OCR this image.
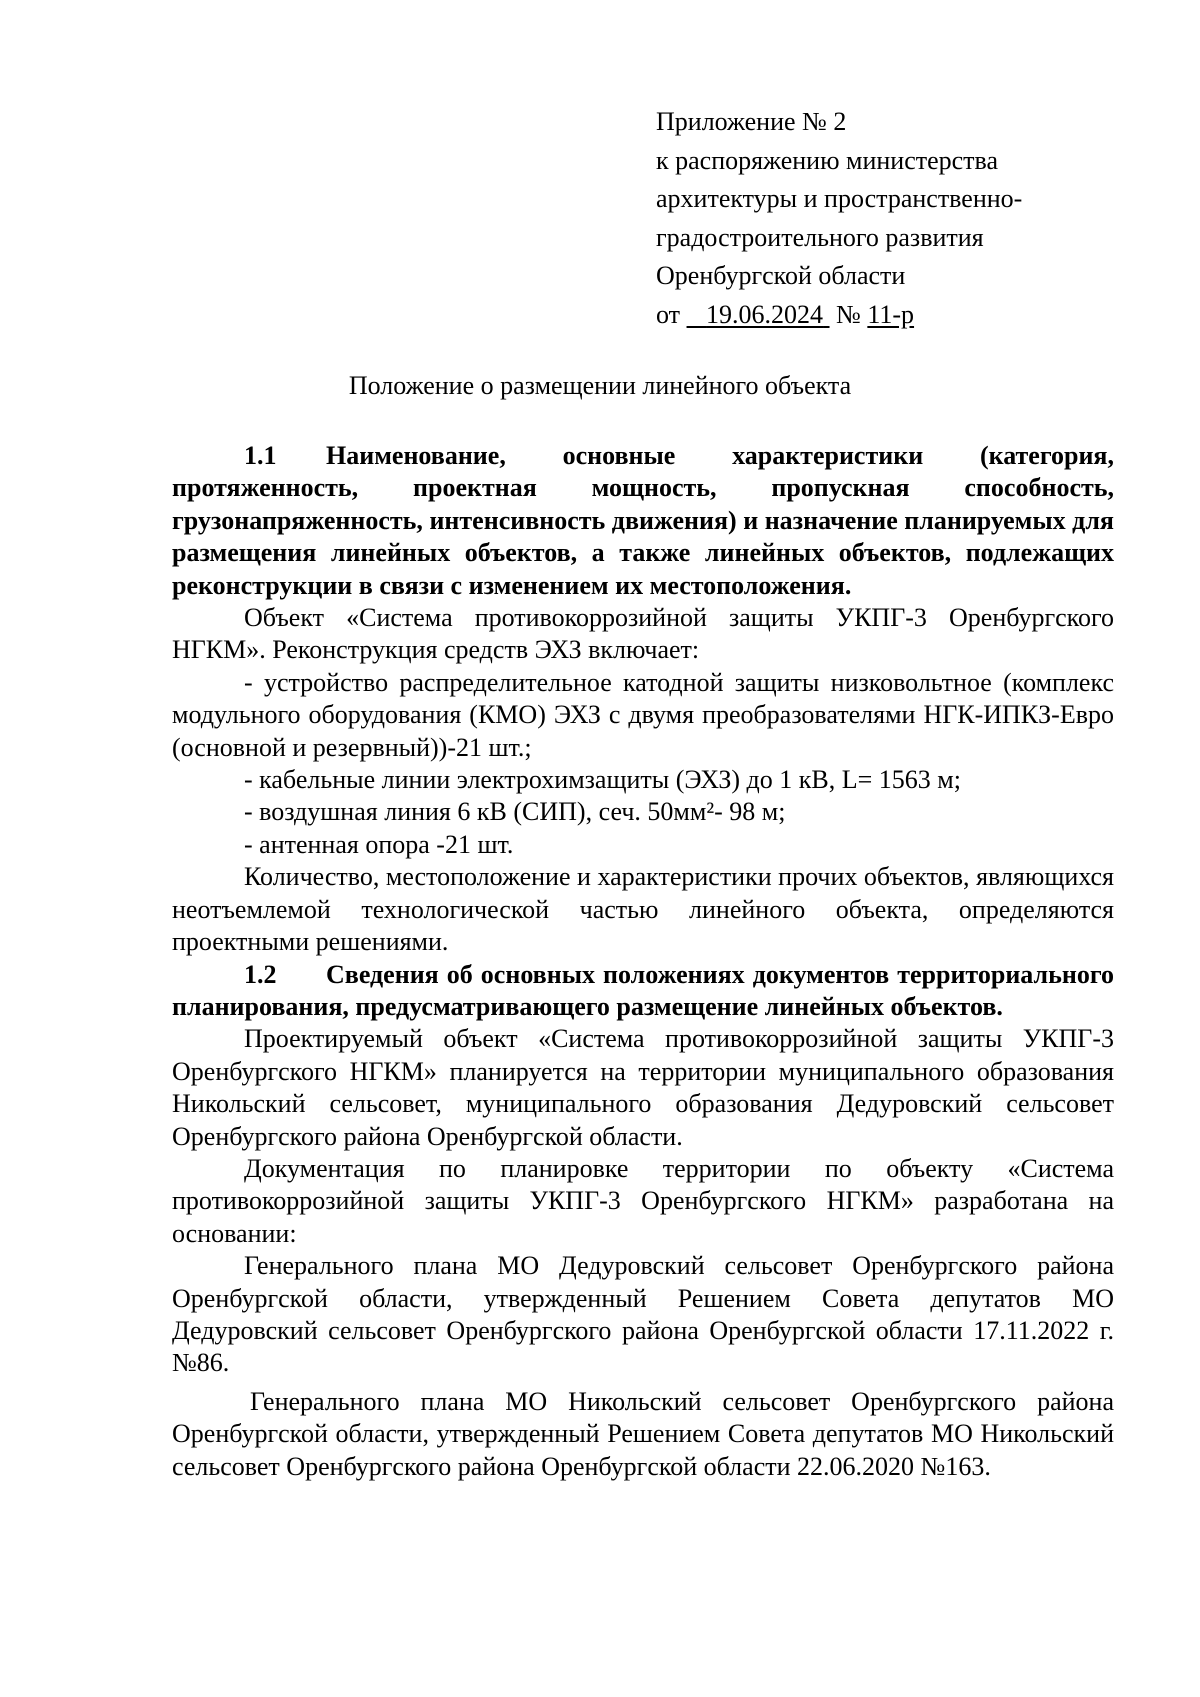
Приложение № 2
к распоряжению министерства
архитектуры и пространственно-
градостроительного развития
Оренбургской области
от 19.06.2024 № 11-р
Положение о размещении линейного объекта

1.1 Наименование, основные характеристики (категория, протяженность, проектная мощность, пропускная способность, грузонапряженность, интенсивность движения) и назначение планируемых для размещения линейных объектов, а также линейных объектов, подлежащих реконструкции в связи с изменением их местоположения.

Объект «Система противокоррозийной защиты УКПГ-3 Оренбургского НГКМ». Реконструкция средств ЭХЗ включает:

- устройство распределительное катодной защиты низковольтное (комплекс модульного оборудования (КМО) ЭХЗ с двумя преобразователями НГК-ИПКЗ-Евро (основной и резервный))-21 шт.;

- кабельные линии электрохимзащиты (ЭХЗ) до 1 кВ, L= 1563 м;

- воздушная линия 6 кВ (СИП), сеч. 50мм²- 98 м;

- антенная опора -21 шт.

Количество, местоположение и характеристики прочих объектов, являющихся неотъемлемой технологической частью линейного объекта, определяются проектными решениями.

1.2 Сведения об основных положениях документов территориального планирования, предусматривающего размещение линейных объектов.

Проектируемый объект «Система противокоррозийной защиты УКПГ-3 Оренбургского НГКМ» планируется на территории муниципального образования Никольский сельсовет, муниципального образования Дедуровский сельсовет Оренбургского района Оренбургской области.

Документация по планировке территории по объекту «Система противокоррозийной защиты УКПГ-3 Оренбургского НГКМ» разработана на основании:

Генерального плана МО Дедуровский сельсовет Оренбургского района Оренбургской области, утвержденный Решением Совета депутатов МО Дедуровский сельсовет Оренбургского района Оренбургской области 17.11.2022 г. №86.

Генерального плана МО Никольский сельсовет Оренбургского района Оренбургской области, утвержденный Решением Совета депутатов МО Никольский сельсовет Оренбургского района Оренбургской области 22.06.2020 №163.
